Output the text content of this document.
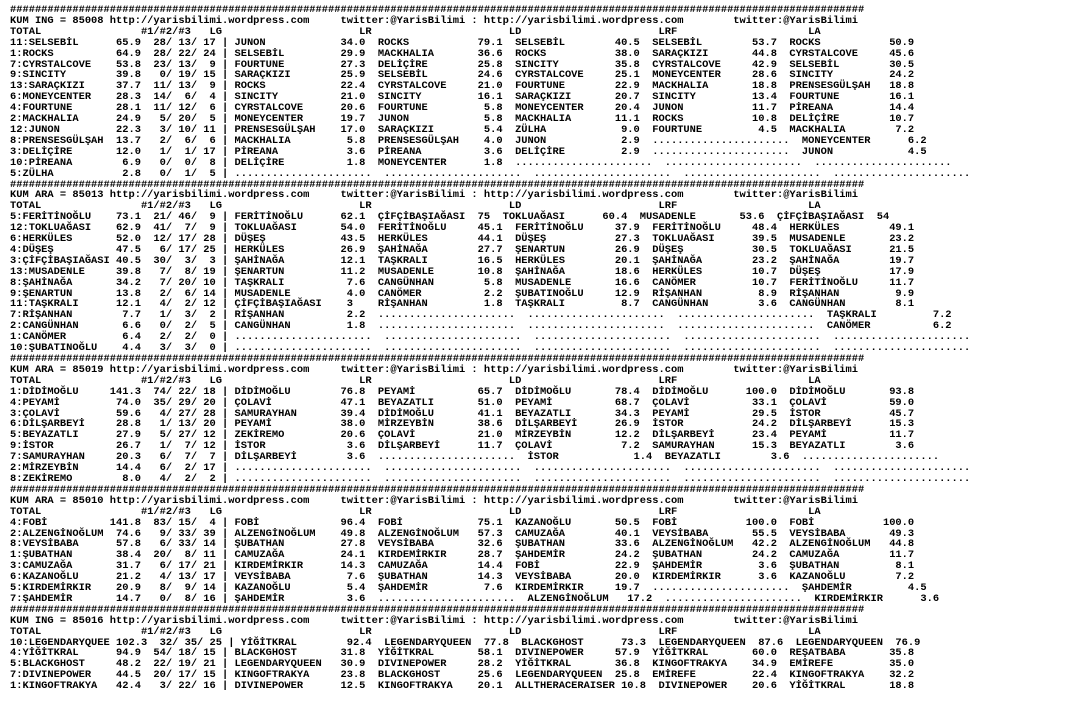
#########################################################################################################################################
KUM ING = 85008 http://yarisbilimi.wordpress.com     twitter:@YarisBilimi : http://yarisbilimi.wordpress.com        twitter:@YarisBilimi
TOTAL                #1/#2/#3   LG                      LR                      LD                      LRF                     LA
11:SELSEBİL      65.9  28/ 13/ 17 | JUNON            34.0  ROCKS           79.1  SELSEBİL        40.5  SELSEBİL        53.7  ROCKS           50.9
1:ROCKS          64.9  28/ 22/ 24 | SELSEBİL         29.9  MACKHALIA       36.6  ROCKS           38.0  SARAÇKIZI       44.8  CYRSTALCOVE     45.6
7:CYRSTALCOVE    53.8  23/ 13/  9 | FOURTUNE         27.3  DELİÇİRE        25.8  SINCITY         35.8  CYRSTALCOVE     42.9  SELSEBİL        30.5
9:SINCITY        39.8   0/ 19/ 15 | SARAÇKIZI        25.9  SELSEBİL        24.6  CYRSTALCOVE     25.1  MONEYCENTER     28.6  SINCITY         24.2
13:SARAÇKIZI     37.7  11/ 13/  9 | ROCKS            22.4  CYRSTALCOVE     21.0  FOURTUNE        22.9  MACKHALIA       18.8  PRENSESGÜLŞAH   18.8
6:MONEYCENTER    28.3  14/  6/  4 | SINCITY          21.0  SINCITY         16.1  SARAÇKIZI       20.7  SINCITY         13.4  FOURTUNE        16.1
4:FOURTUNE       28.1  11/ 12/  6 | CYRSTALCOVE      20.6  FOURTUNE         5.8  MONEYCENTER     20.4  JUNON           11.7  PİREANA         14.4
2:MACKHALIA      24.9   5/ 20/  5 | MONEYCENTER      19.7  JUNON            5.8  MACKHALIA       11.1  ROCKS           10.8  DELİÇİRE        10.7
12:JUNON         22.3   3/ 10/ 11 | PRENSESGÜLŞAH    17.0  SARAÇKIZI        5.4  ZÜLHA            9.0  FOURTUNE         4.5  MACKHALIA        7.2
8:PRENSESGÜLŞAH  13.7   2/  6/  6 | MACKHALIA         5.8  PRENSESGÜLŞAH    4.0  JUNON            2.9  ......................  MONEYCENTER      6.2
3:DELİÇİRE       12.0   1/  1/ 17 | PİREANA           3.6  PİREANA          3.6  DELİÇİRE         2.9  ......................  JUNON            4.5
10:PİREANA        6.9   0/  0/  8 | DELİÇİRE          1.8  MONEYCENTER      1.8  ......................  ......................  ......................
5:ZÜLHA           2.8   0/  1/  5 | ......................  ......................  ......................  ......................  ......................
#########################################################################################################################################
KUM ARA = 85013 http://yarisbilimi.wordpress.com     twitter:@YarisBilimi : http://yarisbilimi.wordpress.com        twitter:@YarisBilimi
TOTAL                #1/#2/#3   LG                      LR                      LD                      LRF                     LA
5:FERİTİNOĞLU    73.1  21/ 46/  9 | FERİTİNOĞLU      62.1  ÇİFÇİBAŞIAĞASI  75  TOKLUAĞASI      60.4  MUSADENLE       53.6  ÇİFÇİBAŞIAĞASI  54
12:TOKLUAĞASI    62.9  41/  7/  9 | TOKLUAĞASI       54.0  FERİTİNOĞLU     45.1  FERİTİNOĞLU     37.9  FERİTİNOĞLU     48.4  HERKÜLES        49.1
6:HERKÜLES       52.0  12/ 17/ 28 | DÜŞEŞ            43.5  HERKÜLES        44.1  DÜŞEŞ           27.3  TOKLUAĞASI      39.5  MUSADENLE       23.2
4:DÜŞEŞ          47.5   6/ 17/ 25 | HERKÜLES         26.9  ŞAHİNAĞA        27.7  ŞENARTUN        26.9  DÜŞEŞ           30.5  TOKLUAĞASI      21.5
3:ÇİFÇİBAŞIAĞASI 40.5  30/  3/  3 | ŞAHİNAĞA         12.1  TAŞKRALI        16.5  HERKÜLES        20.1  ŞAHİNAĞA        23.2  ŞAHİNAĞA        19.7
13:MUSADENLE     39.8   7/  8/ 19 | ŞENARTUN         11.2  MUSADENLE       10.8  ŞAHİNAĞA        18.6  HERKÜLES        10.7  DÜŞEŞ           17.9
8:ŞAHİNAĞA       34.2   7/ 20/ 10 | TAŞKRALI          7.6  CANGÜNHAN        5.8  MUSADENLE       16.6  CANÖMER         10.7  FERİTİNOĞLU     11.7
9:ŞENARTUN       13.8   2/  6/ 14 | MUSADENLE         4.0  CANÖMER          2.2  ŞUBATINOĞLU     12.9  RİŞANHAN         8.9  RİŞANHAN         9.9
11:TAŞKRALI      12.1   4/  2/ 12 | ÇİFÇİBAŞIAĞASI    3    RİŞANHAN         1.8  TAŞKRALI         8.7  CANGÜNHAN        3.6  CANGÜNHAN        8.1
7:RİŞANHAN        7.7   1/  3/  2 | RİŞANHAN          2.2  ......................  ......................  ......................  TAŞKRALI         7.2
2:CANGÜNHAN       6.6   0/  2/  5 | CANGÜNHAN         1.8  ......................  ......................  ......................  CANÖMER          6.2
1:CANÖMER         6.4   2/  2/  0 | ......................  ......................  ......................  ......................  ......................
10:ŞUBATINOĞLU    4.4   3/  3/  0 | ......................  ......................  ......................  ......................  ......................
#########################################################################################################################################
KUM ARA = 85019 http://yarisbilimi.wordpress.com     twitter:@YarisBilimi : http://yarisbilimi.wordpress.com        twitter:@YarisBilimi
TOTAL                #1/#2/#3   LG                      LR                      LD                      LRF                     LA
1:DİDİMOĞLU     141.3  74/ 22/ 18 | DİDİMOĞLU        76.8  PEYAMİ          65.7  DİDİMOĞLU       78.4  DİDİMOĞLU      100.0  DİDİMOĞLU       93.8
4:PEYAMİ         74.0  35/ 29/ 20 | ÇOLAVİ           47.1  BEYAZATLI       51.0  PEYAMİ          68.7  ÇOLAVİ          33.1  ÇOLAVİ          59.0
3:ÇOLAVİ         59.6   4/ 27/ 28 | SAMURAYHAN       39.4  DİDİMOĞLU       41.1  BEYAZATLI       34.3  PEYAMİ          29.5  İSTOR           45.7
6:DİLŞARBEYİ     28.8   1/ 13/ 20 | PEYAMİ           38.0  MİRZEYBİN       38.6  DİLŞARBEYİ      26.9  İSTOR           24.2  DİLŞARBEYİ      15.3
5:BEYAZATLI      27.9   5/ 27/ 12 | ZEKİREMO         20.6  ÇOLAVİ          21.0  MİRZEYBİN       12.2  DİLŞARBEYİ      23.4  PEYAMİ          11.7
9:İSTOR          26.7   1/  7/ 12 | İSTOR             3.6  DİLŞARBEYİ      11.7  ÇOLAVİ           7.2  SAMURAYHAN      15.3  BEYAZATLI        3.6
7:SAMURAYHAN     20.3   6/  7/  7 | DİLŞARBEYİ        3.6  ......................  İSTOR            1.4  BEYAZATLI        3.6  ......................
2:MİRZEYBİN      14.4   6/  2/ 17 | ......................  ......................  ......................  ......................  ......................
8:ZEKİREMO        8.0   4/  2/  2 | ......................  ......................  ......................  ......................  ......................
#########################################################################################################################################
KUM ARA = 85010 http://yarisbilimi.wordpress.com     twitter:@YarisBilimi : http://yarisbilimi.wordpress.com        twitter:@YarisBilimi
TOTAL                #1/#2/#3   LG                      LR                      LD                      LRF                     LA
4:FOBİ          141.8  83/ 15/  4 | FOBİ             96.4  FOBİ            75.1  KAZANOĞLU       50.5  FOBİ           100.0  FOBİ           100.0
2:ALZENGİNOĞLUM  74.6   9/ 33/ 39 | ALZENGİNOĞLUM    49.8  ALZENGİNOĞLUM   57.3  CAMUZAĞA        40.1  VEYSİBABA       55.5  VEYSİBABA       49.3
8:VEYSİBABA      57.8   6/ 33/ 14 | ŞUBATHAN         27.8  VEYSİBABA       32.6  ŞUBATHAN        33.6  ALZENGİNOĞLUM   42.2  ALZENGİNOĞLUM   44.8
1:ŞUBATHAN       38.4  20/  8/ 11 | CAMUZAĞA         24.1  KIRDEMİRKIR     28.7  ŞAHDEMİR        24.2  ŞUBATHAN        24.2  CAMUZAĞA        11.7
3:CAMUZAĞA       31.7   6/ 17/ 21 | KIRDEMİRKIR      14.3  CAMUZAĞA        14.4  FOBİ            22.9  ŞAHDEMİR         3.6  ŞUBATHAN         8.1
6:KAZANOĞLU      21.2   4/ 13/ 17 | VEYSİBABA         7.6  ŞUBATHAN        14.3  VEYSİBABA       20.0  KIRDEMİRKIR      3.6  KAZANOĞLU        7.2
5:KIRDEMİRKIR    20.9   8/  9/ 14 | KAZANOĞLU         5.4  ŞAHDEMİR         7.6  KIRDEMİRKIR     19.7  ......................  ŞAHDEMİR         4.5
7:ŞAHDEMİR       14.7   0/  8/ 16 | ŞAHDEMİR          3.6  ......................  ALZENGİNOĞLUM   17.2  ......................  KIRDEMİRKIR      3.6
#########################################################################################################################################
KUM ING = 85016 http://yarisbilimi.wordpress.com     twitter:@YarisBilimi : http://yarisbilimi.wordpress.com        twitter:@YarisBilimi
TOTAL                #1/#2/#3   LG                      LR                      LD                      LRF                     LA
10:LEGENDARYQUEE 102.3  32/ 35/ 25 | YİĞİTKRAL        92.4  LEGENDARYQUEEN  77.8  BLACKGHOST      73.3  LEGENDARYQUEEN  87.6  LEGENDARYQUEEN  76.9
4:YİĞİTKRAL      94.9  54/ 18/ 15 | BLACKGHOST       31.8  YİĞİTKRAL       58.1  DIVINEPOWER     57.9  YİĞİTKRAL       60.0  REŞATBABA       35.8
5:BLACKGHOST     48.2  22/ 19/ 21 | LEGENDARYQUEEN   30.9  DIVINEPOWER     28.2  YİĞİTKRAL       36.8  KINGOFTRAKYA    34.9  EMİREFE         35.0
7:DIVINEPOWER    44.5  20/ 17/ 15 | KINGOFTRAKYA     23.8  BLACKGHOST      25.6  LEGENDARYQUEEN  25.8  EMİREFE         22.4  KINGOFTRAKYA    32.2
1:KINGOFTRAKYA   42.4   3/ 22/ 16 | DIVINEPOWER      12.5  KINGOFTRAKYA    20.1  ALLTHERACERAISER 10.8  DIVINEPOWER    20.6  YİĞİTKRAL       18.8
